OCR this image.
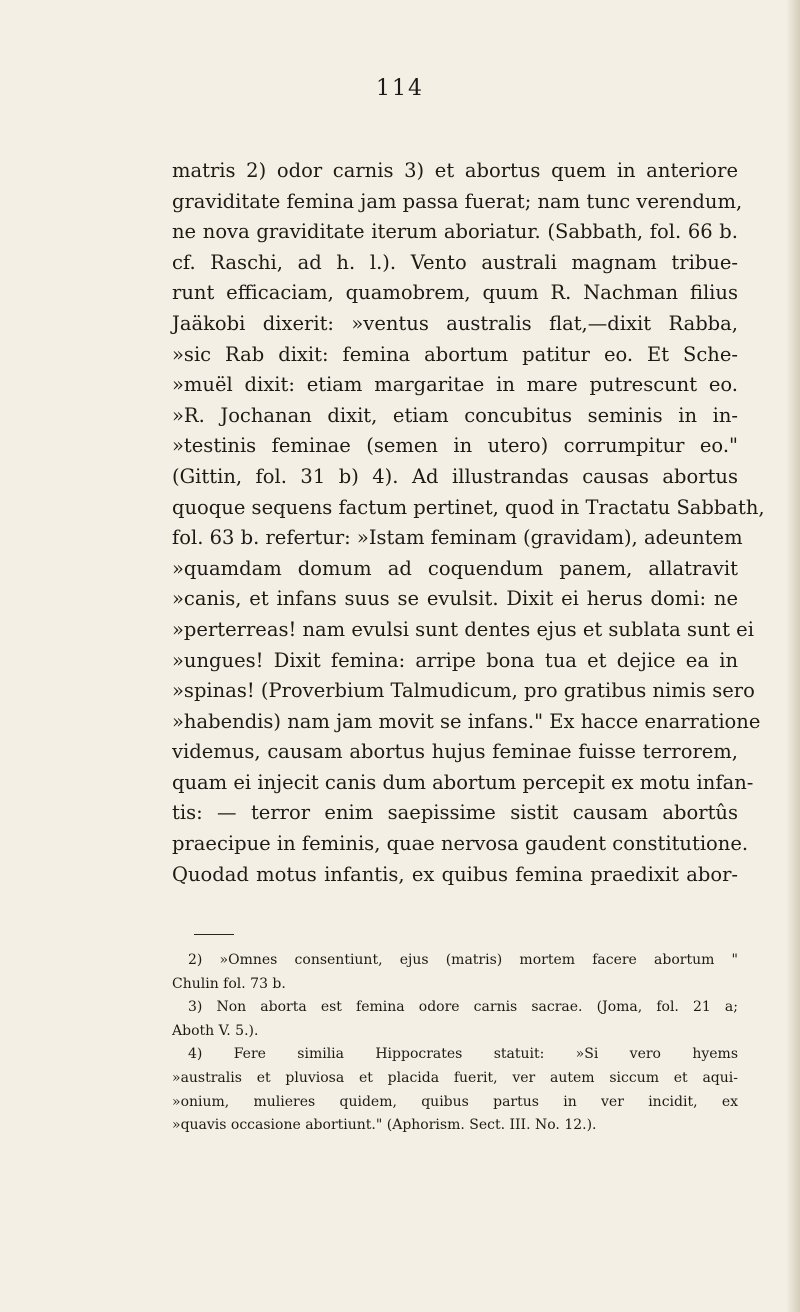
114

matris 2) odor carnis 3) et abortus quem in anteriore
graviditate femina jam passa fuerat; nam tunc verendum,
ne nova graviditate iterum aboriatur. (Sabbath, fol. 66 b.
cf. Raschi, ad h. l.). Vento australi magnam tribue-
runt efficaciam, quamobrem, quum R. Nachman filius
Jaäkobi dixerit: »ventus australis flat,—dixit Rabba,
»sic Rab dixit: femina abortum patitur eo. Et Sche-
»muël dixit: etiam margaritae in mare putrescunt eo.
»R. Jochanan dixit, etiam concubitus seminis in in-
»testinis feminae (semen in utero) corrumpitur eo."
(Gittin, fol. 31 b) 4). Ad illustrandas causas abortus
quoque sequens factum pertinet, quod in Tractatu Sabbath,
fol. 63 b. refertur: »Istam feminam (gravidam), adeuntem
»quamdam domum ad coquendum panem, allatravit
»canis, et infans suus se evulsit. Dixit ei herus domi: ne
»perterreas! nam evulsi sunt dentes ejus et sublata sunt ei
»ungues! Dixit femina: arripe bona tua et dejice ea in
»spinas! (Proverbium Talmudicum, pro gratibus nimis sero
»habendis) nam jam movit se infans." Ex hacce enarratione
videmus, causam abortus hujus feminae fuisse terrorem,
quam ei injecit canis dum abortum percepit ex motu infan-
tis: — terror enim saepissime sistit causam abortûs
praecipue in feminis, quae nervosa gaudent constitutione.
Quodad motus infantis, ex quibus femina praedixit abor-

2) »Omnes consentiunt, ejus (matris) mortem facere abortum "
Chulin fol. 73 b.
3) Non aborta est femina odore carnis sacrae. (Joma, fol. 21 a;
Aboth V. 5.).
4) Fere similia Hippocrates statuit: »Si vero hyems
»australis et pluviosa et placida fuerit, ver autem siccum et aqui-
»onium, mulieres quidem, quibus partus in ver incidit, ex
»quavis occasione abortiunt." (Aphorism. Sect. III. No. 12.).
